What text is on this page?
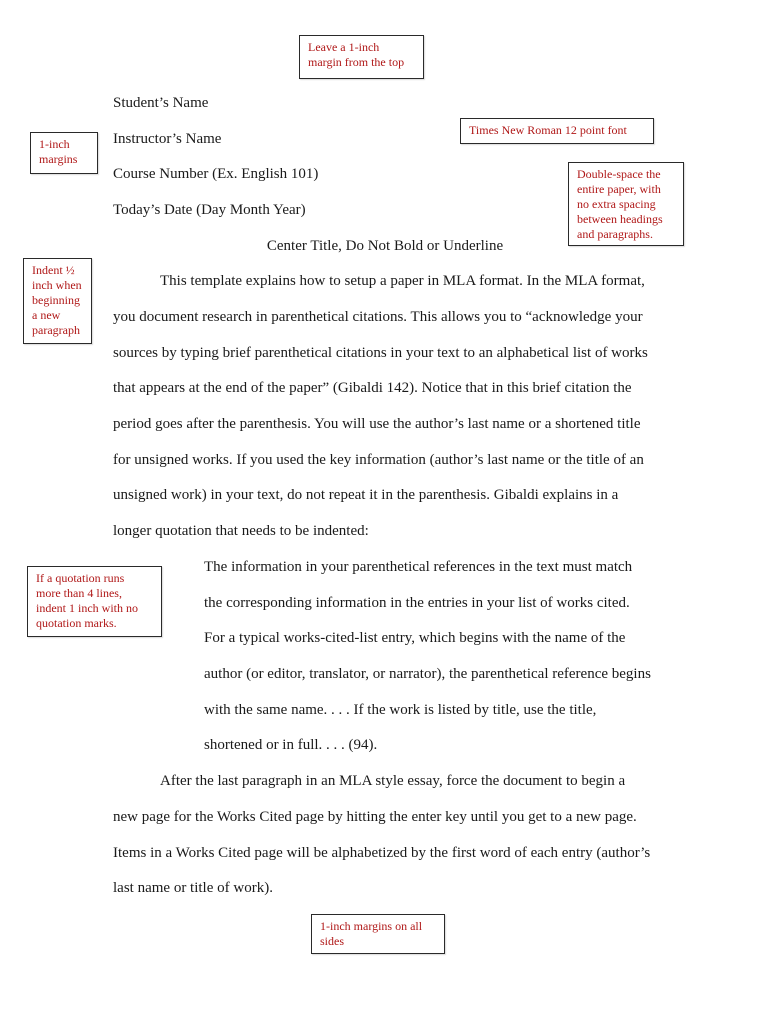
Student’s Name

Instructor’s Name

Course Number (Ex. English 101)

Today’s Date (Day Month Year)

Center Title, Do Not Bold or Underline

This template explains how to setup a paper in MLA format. In the MLA format,

you document research in parenthetical citations. This allows you to “acknowledge your

sources by typing brief parenthetical citations in your text to an alphabetical list of works

that appears at the end of the paper” (Gibaldi 142). Notice that in this brief citation the

period goes after the parenthesis. You will use the author’s last name or a shortened title

for unsigned works. If you used the key information (author’s last name or the title of an

unsigned work) in your text, do not repeat it in the parenthesis. Gibaldi explains in a

longer quotation that needs to be indented:

The information in your parenthetical references in the text must match

the corresponding information in the entries in your list of works cited.

For a typical works-cited-list entry, which begins with the name of the

author (or editor, translator, or narrator), the parenthetical reference begins

with the same name. . . . If the work is listed by title, use the title,

shortened or in full. . . . (94).

After the last paragraph in an MLA style essay, force the document to begin a

new page for the Works Cited page by hitting the enter key until you get to a new page.

Items in a Works Cited page will be alphabetized by the first word of each entry (author’s

last name or title of work).

Leave a 1-inch
margin from the top
1-inch
margins
Times New Roman 12 point font
Double-space the
entire paper, with
no extra spacing
between headings
and paragraphs.
Indent ½
inch when
beginning
a new
paragraph
If a quotation runs
more than 4 lines,
indent 1 inch with no
quotation marks.
1-inch margins on all
sides
